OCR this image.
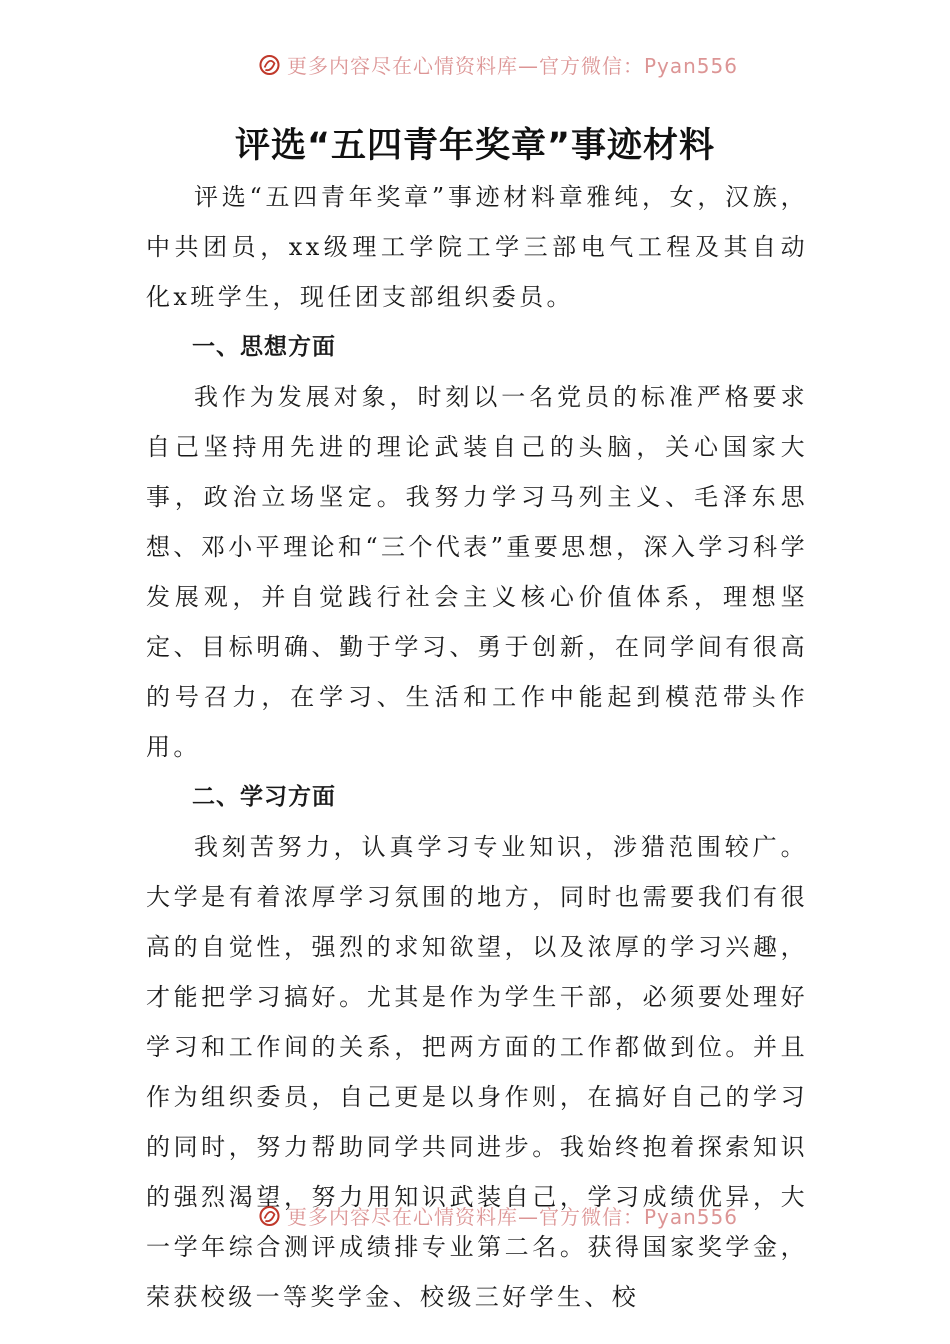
更多内容尽在心情资料库—官方微信：Pyan556
评选“五四青年奖章”事迹材料

评选“五四青年奖章”事迹材料章雅纯，女，汉族，中共团员，xx级理工学院工学三部电气工程及其自动化x班学生，现任团支部组织委员。

一、思想方面

我作为发展对象，时刻以一名党员的标准严格要求自己坚持用先进的理论武装自己的头脑，关心国家大事，政治立场坚定。我努力学习马列主义、毛泽东思想、邓小平理论和“三个代表”重要思想，深入学习科学发展观，并自觉践行社会主义核心价值体系，理想坚定、目标明确、勤于学习、勇于创新，在同学间有很高的号召力，在学习、生活和工作中能起到模范带头作用。

二、学习方面

我刻苦努力，认真学习专业知识，涉猎范围较广。大学是有着浓厚学习氛围的地方，同时也需要我们有很高的自觉性，强烈的求知欲望，以及浓厚的学习兴趣，才能把学习搞好。尤其是作为学生干部，必须要处理好学习和工作间的关系，把两方面的工作都做到位。并且作为组织委员，自己更是以身作则，在搞好自己的学习的同时，努力帮助同学共同进步。我始终抱着探索知识的强烈渴望，努力用知识武装自己，学习成绩优异，大一学年综合测评成绩排专业第二名。获得国家奖学金，荣获校级一等奖学金、校级三好学生、校

更多内容尽在心情资料库—官方微信：Pyan556
